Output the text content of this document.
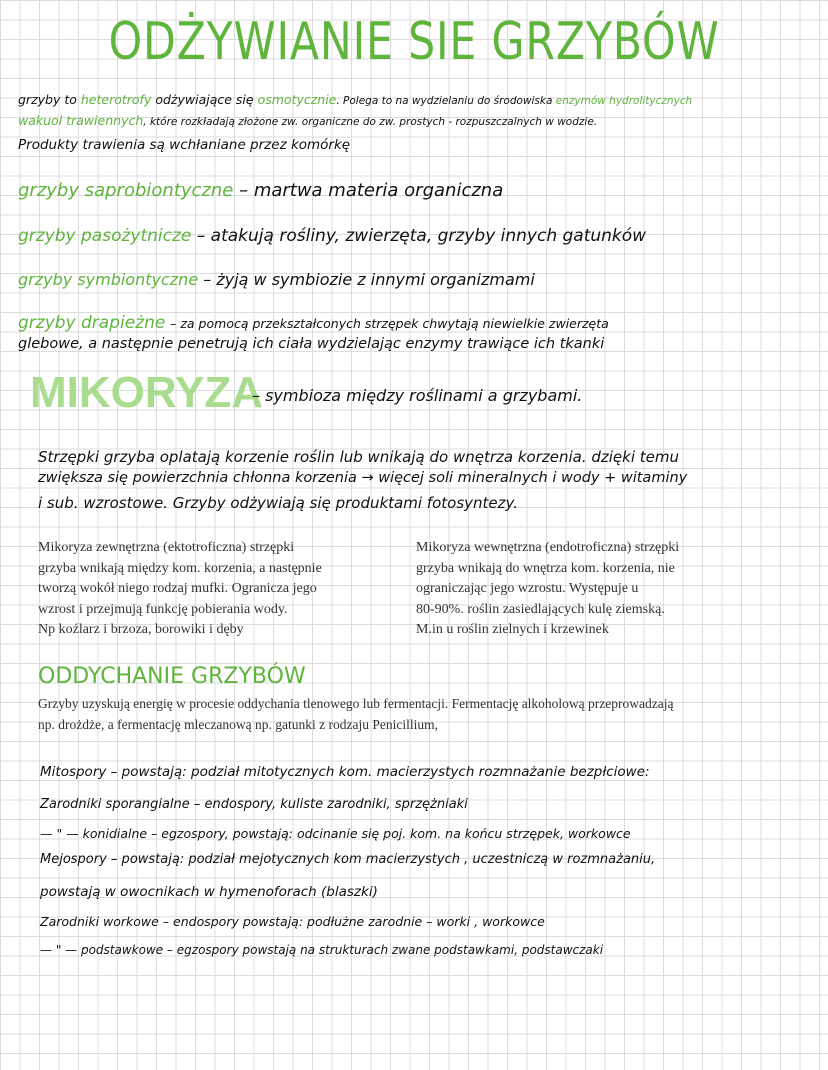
ODŻYWIANIE SIE GRZYBÓW
grzyby to heterotrofy odżywiające się osmotycznie. Polega to na wydzielaniu do środowiska enzymów hydrolitycznych
wakuol trawiennych, które rozkładają złożone zw. organiczne do zw. prostych - rozpuszczalnych w wodzie.
Produkty trawienia są wchłaniane przez komórkę
grzyby saprobiontyczne – martwa materia organiczna
grzyby pasożytnicze – atakują rośliny, zwierzęta, grzyby innych gatunków
grzyby symbiontyczne – żyją w symbiozie z innymi organizmami
grzyby drapieżne – za pomocą przekształconych strzępek chwytają niewielkie zwierzęta
glebowe, a następnie penetrują ich ciała wydzielając enzymy trawiące ich tkanki
MIKORYZA
– symbioza między roślinami a grzybami.
Strzępki grzyba oplatają korzenie roślin lub wnikają do wnętrza korzenia. dzięki temu
zwiększa się powierzchnia chłonna korzenia → więcej soli mineralnych i wody + witaminy
i sub. wzrostowe. Grzyby odżywiają się produktami fotosyntezy.
Mikoryza zewnętrzna (ektotroficzna) strzępki
grzyba wnikają między kom. korzenia, a następnie
tworzą wokół niego rodzaj mufki. Ogranicza jego
wzrost i przejmują funkcję pobierania wody.
Np koźlarz i brzoza, borowiki i dęby
Mikoryza wewnętrzna (endotroficzna) strzępki
grzyba wnikają do wnętrza kom. korzenia, nie
ograniczając jego wzrostu. Występuje u
80-90%. roślin zasiedlających kulę ziemską.
M.in u roślin zielnych i krzewinek
ODDYCHANIE GRZYBÓW
Grzyby uzyskują energię w procesie oddychania tlenowego lub fermentacji. Fermentację alkoholową przeprowadzają
np. drożdże, a fermentację mleczanową np. gatunki z rodzaju Penicillium,
Mitospory – powstają: podział mitotycznych kom. macierzystych rozmnażanie bezpłciowe:
Zarodniki sporangialne – endospory, kuliste zarodniki, sprzężniaki
— " — konidialne – egzospory, powstają: odcinanie się poj. kom. na końcu strzępek, workowce
Mejospory – powstają: podział mejotycznych kom macierzystych , uczestniczą w rozmnażaniu,
powstają w owocnikach w hymenoforach (blaszki)
Zarodniki workowe – endospory powstają: podłużne zarodnie – worki , workowce
— " — podstawkowe – egzospory powstają na strukturach zwane podstawkami, podstawczaki
